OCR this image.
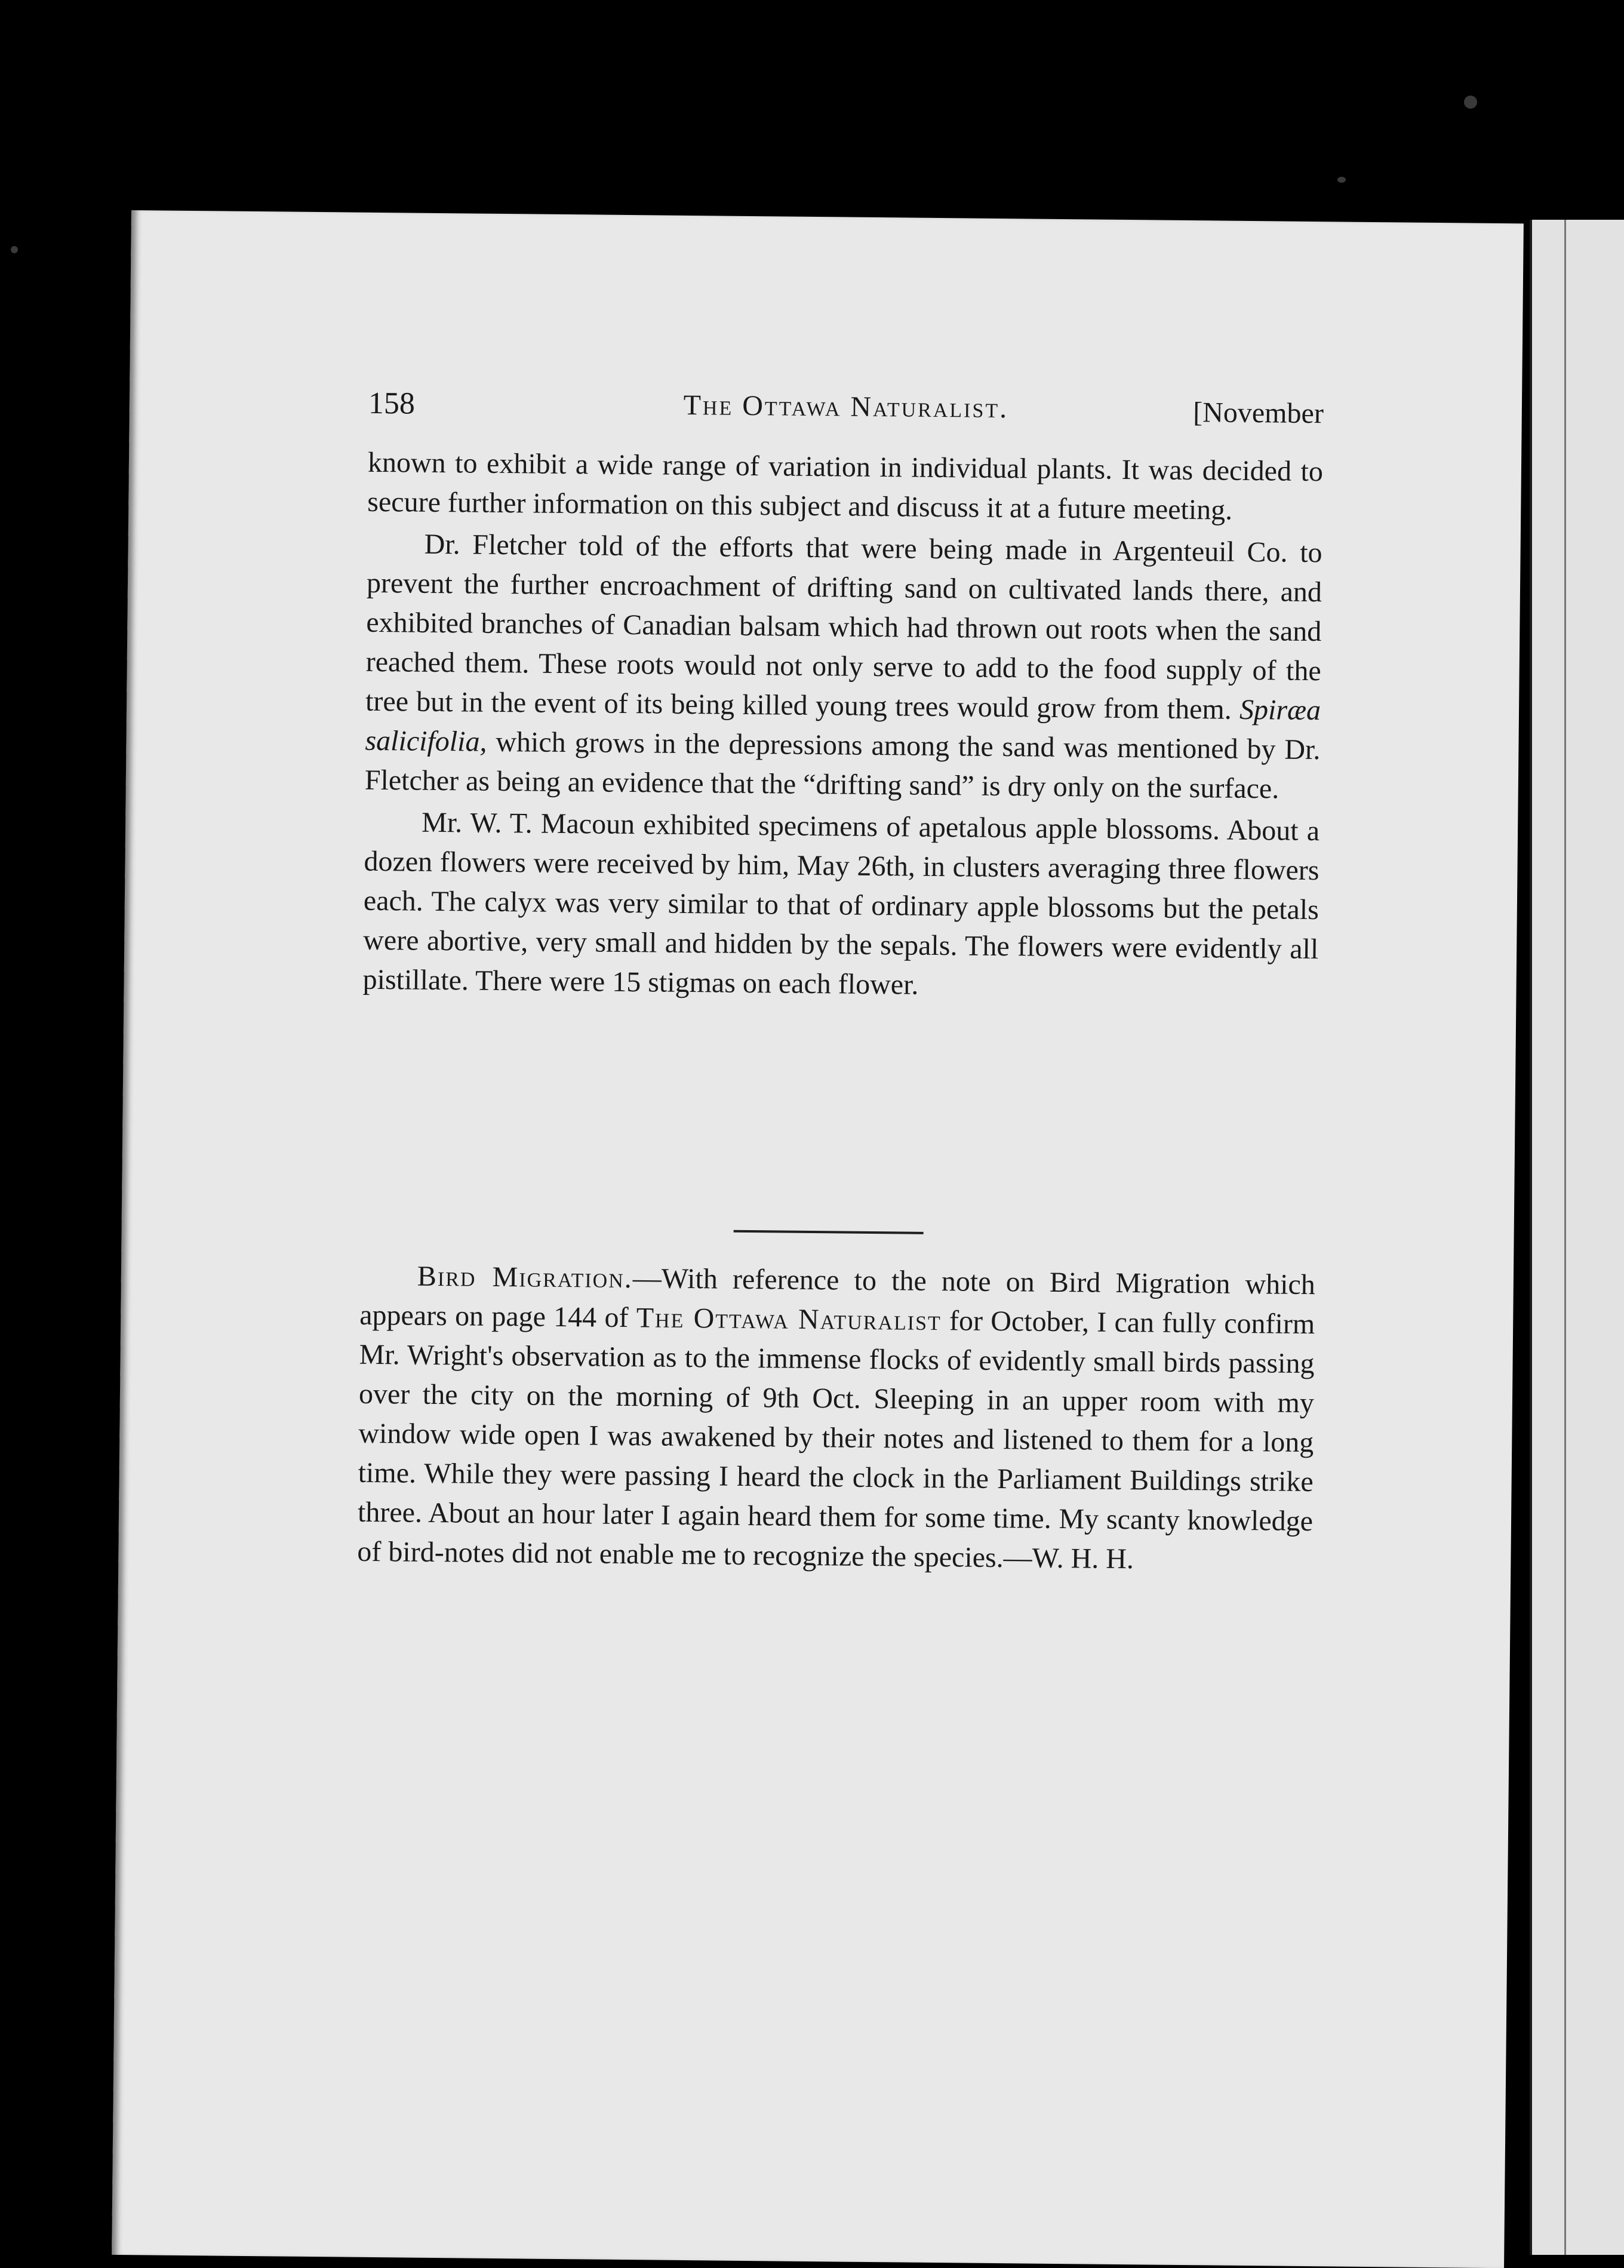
158	The Ottawa Naturalist.	[November

known to exhibit a wide range of variation in individual plants. It was decided to secure further information on this subject and discuss it at a future meeting.

Dr. Fletcher told of the efforts that were being made in Argenteuil Co. to prevent the further encroachment of drifting sand on cultivated lands there, and exhibited branches of Canadian balsam which had thrown out roots when the sand reached them. These roots would not only serve to add to the food supply of the tree but in the event of its being killed young trees would grow from them. Spiræa salicifolia, which grows in the depressions among the sand was mentioned by Dr. Fletcher as being an evidence that the “drifting sand” is dry only on the surface.

Mr. W. T. Macoun exhibited specimens of apetalous apple blossoms. About a dozen flowers were received by him, May 26th, in clusters averaging three flowers each. The calyx was very similar to that of ordinary apple blossoms but the petals were abortive, very small and hidden by the sepals. The flowers were evidently all pistillate. There were 15 stigmas on each flower.

Bird Migration.—With reference to the note on Bird Migration which appears on page 144 of The Ottawa Naturalist for October, I can fully confirm Mr. Wright's observation as to the immense flocks of evidently small birds passing over the city on the morning of 9th Oct. Sleeping in an upper room with my window wide open I was awakened by their notes and listened to them for a long time. While they were passing I heard the clock in the Parliament Buildings strike three. About an hour later I again heard them for some time. My scanty knowledge of bird-notes did not enable me to recognize the species.—W. H. H.
